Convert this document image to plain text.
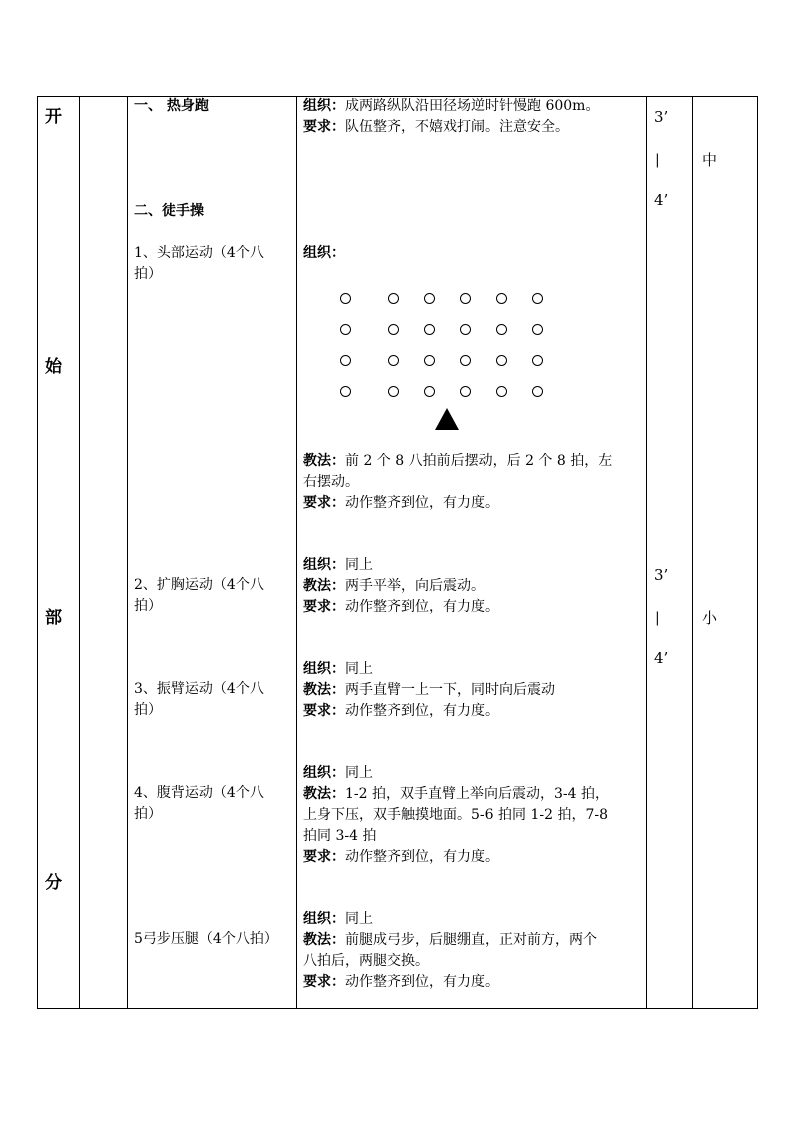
开
始
部
分
一、 热身跑
二、徒手操
1、头部运动（4个八
拍）
2、扩胸运动（4个八
拍）
3、振臂运动（4个八
拍）
4、腹背运动（4个八
拍）
5弓步压腿（4个八拍）
组织：成两路纵队沿田径场逆时针慢跑 600m。
要求：队伍整齐，不嬉戏打闹。注意安全。
组织：
教法：前 2 个 8 八拍前后摆动，后 2 个 8 拍，左
右摆动。
要求：动作整齐到位，有力度。
组织：同上
教法：两手平举，向后震动。
要求：动作整齐到位，有力度。
组织：同上
教法：两手直臂一上一下，同时向后震动
要求：动作整齐到位，有力度。
组织：同上
教法：1-2 拍，双手直臂上举向后震动，3-4 拍，
上身下压，双手触摸地面。5-6 拍同 1-2 拍，7-8
拍同 3-4 拍
要求：动作整齐到位，有力度。
组织：同上
教法：前腿成弓步，后腿绷直，正对前方，两个
八拍后，两腿交换。
要求：动作整齐到位，有力度。
3’
|
4’
3’
|
4’
中
小
